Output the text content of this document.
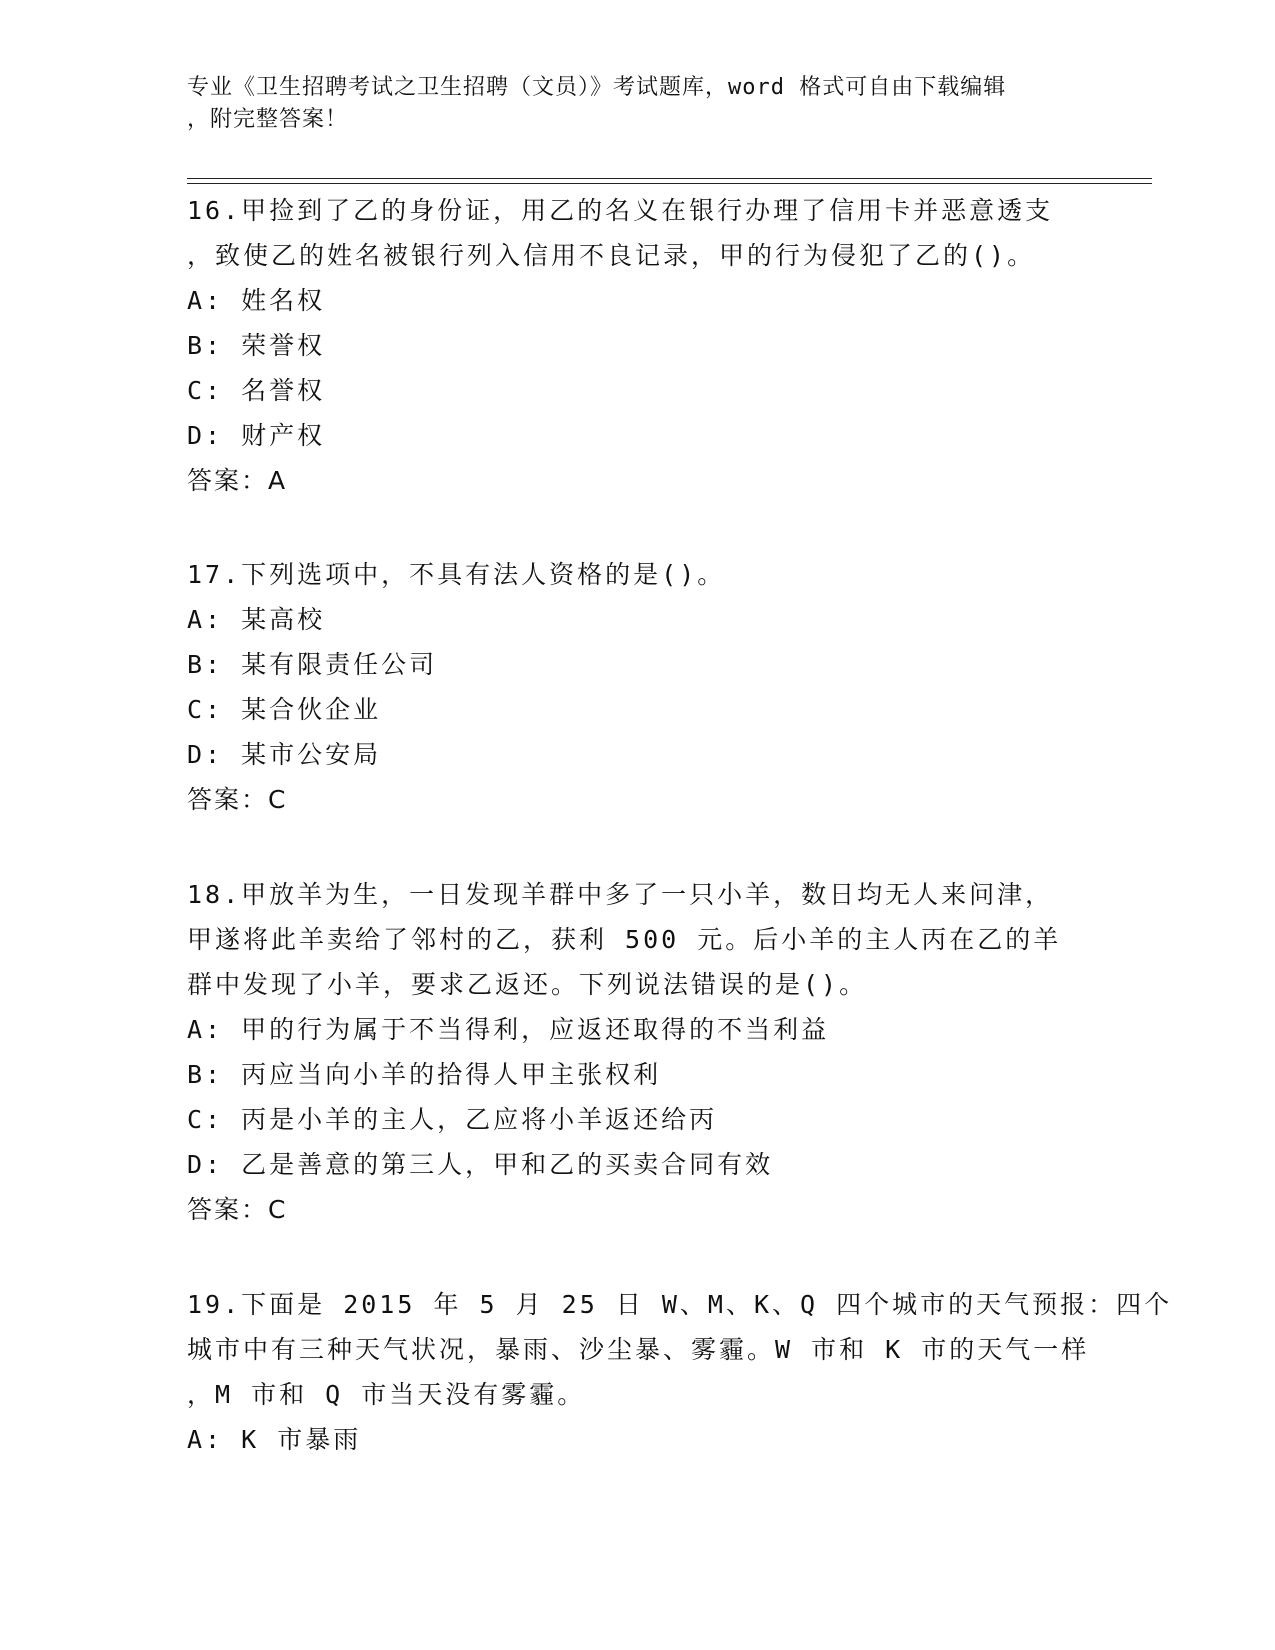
专业《卫生招聘考试之卫生招聘（文员）》考试题库，word 格式可自由下载编辑

，附完整答案！

16.甲捡到了乙的身份证，用乙的名义在银行办理了信用卡并恶意透支

，致使乙的姓名被银行列入信用不良记录，甲的行为侵犯了乙的()。

A: 姓名权

B: 荣誉权

C: 名誉权

D: 财产权

答案：A

17.下列选项中，不具有法人资格的是()。

A: 某高校

B: 某有限责任公司

C: 某合伙企业

D: 某市公安局

答案：C

18.甲放羊为生，一日发现羊群中多了一只小羊，数日均无人来问津，

甲遂将此羊卖给了邻村的乙，获利 500 元。后小羊的主人丙在乙的羊

群中发现了小羊，要求乙返还。下列说法错误的是()。

A: 甲的行为属于不当得利，应返还取得的不当利益

B: 丙应当向小羊的拾得人甲主张权利

C: 丙是小羊的主人，乙应将小羊返还给丙

D: 乙是善意的第三人，甲和乙的买卖合同有效

答案：C

19.下面是 2015 年 5 月 25 日 W、M、K、Q 四个城市的天气预报：四个

城市中有三种天气状况，暴雨、沙尘暴、雾霾。W 市和 K 市的天气一样

，M 市和 Q 市当天没有雾霾。

A: K 市暴雨
